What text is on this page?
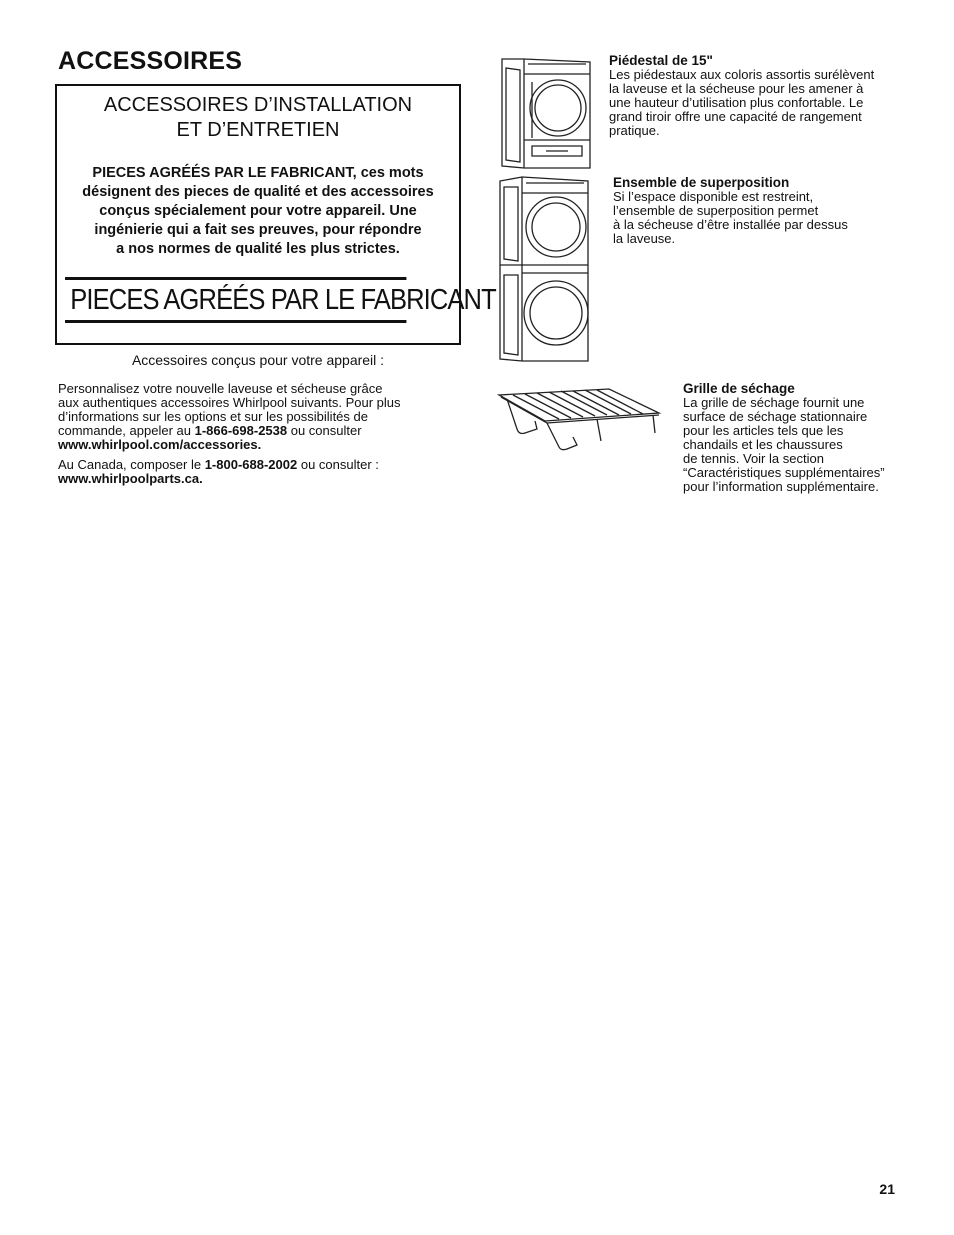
ACCESSOIRES
ACCESSOIRES D’INSTALLATION
ET D’ENTRETIEN
PIECES AGRÉÉS PAR LE FABRICANT, ces mots
désignent des pieces de qualité et des accessoires
conçus spécialement pour votre appareil. Une
ingénierie qui a fait ses preuves, pour répondre
a nos normes de qualité les plus strictes.
PIECES AGRÉÉS PAR LE FABRICANT
Accessoires conçus pour votre appareil :
Personnalisez votre nouvelle laveuse et sécheuse grâce
aux authentiques accessoires Whirlpool suivants. Pour plus
d’informations sur les options et sur les possibilités de
commande, appeler au 1-866-698-2538 ou consulter
www.whirlpool.com/accessories.
Au Canada, composer le 1-800-688-2002 ou consulter :
www.whirlpoolparts.ca.

Piédestal de 15"

Les piédestaux aux coloris assortis surélèvent

la laveuse et la sécheuse pour les amener à

une hauteur d’utilisation plus confortable. Le

grand tiroir offre une capacité de rangement

pratique.

Ensemble de superposition

Si l’espace disponible est restreint,

l’ensemble de superposition permet

à la sécheuse d’être installée par dessus

la laveuse.

Grille de séchage

La grille de séchage fournit une

surface de séchage stationnaire

pour les articles tels que les

chandails et les chaussures

de tennis. Voir la section

“Caractéristiques supplémentaires”

pour l’information supplémentaire.

21
